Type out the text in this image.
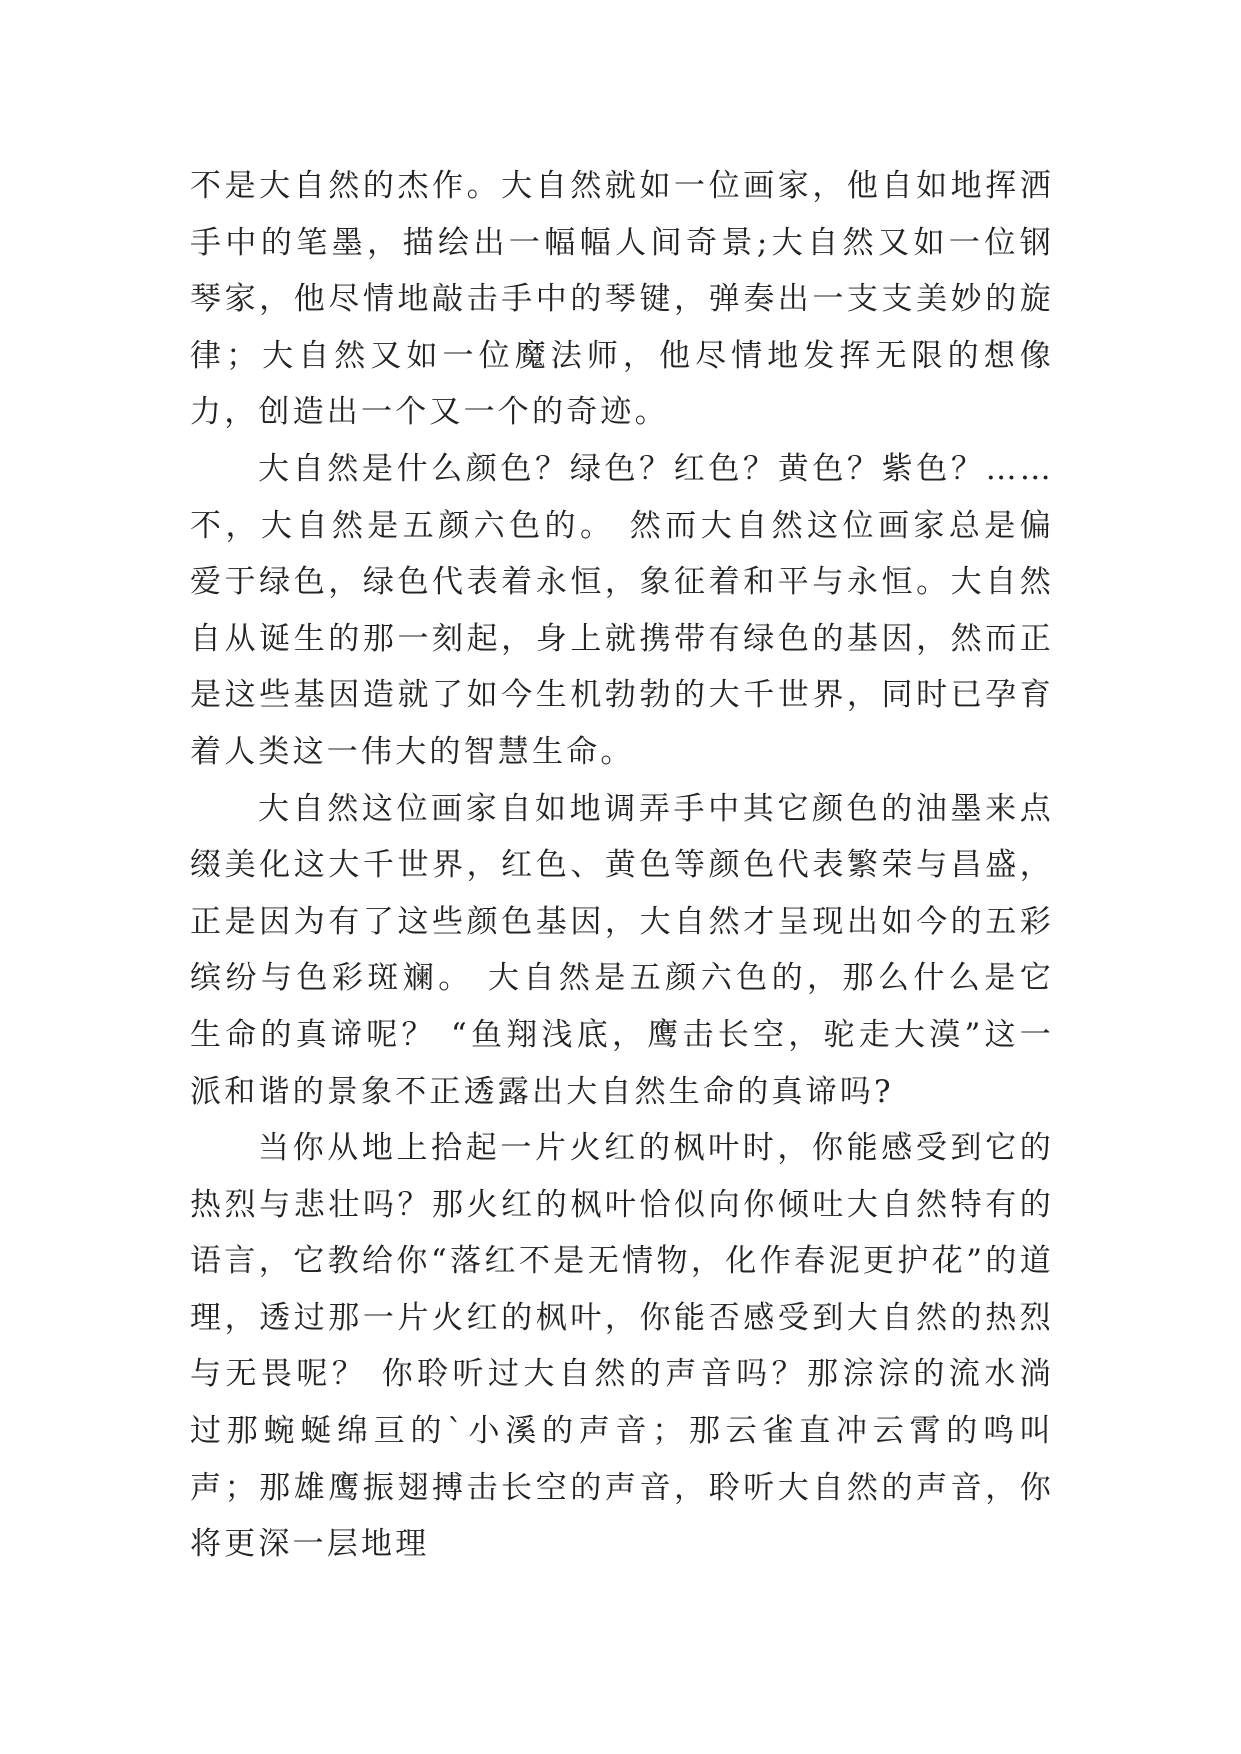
不是大自然的杰作。大自然就如一位画家，他自如地挥洒手中的笔墨，描绘出一幅幅人间奇景;大自然又如一位钢琴家，他尽情地敲击手中的琴键，弹奏出一支支美妙的旋律；大自然又如一位魔法师，他尽情地发挥无限的想像力，创造出一个又一个的奇迹。

大自然是什么颜色？绿色？红色？黄色？紫色？……不，大自然是五颜六色的。 然而大自然这位画家总是偏爱于绿色，绿色代表着永恒，象征着和平与永恒。大自然自从诞生的那一刻起，身上就携带有绿色的基因，然而正是这些基因造就了如今生机勃勃的大千世界，同时已孕育着人类这一伟大的智慧生命。

大自然这位画家自如地调弄手中其它颜色的油墨来点缀美化这大千世界，红色、黄色等颜色代表繁荣与昌盛，正是因为有了这些颜色基因，大自然才呈现出如今的五彩缤纷与色彩斑斓。 大自然是五颜六色的，那么什么是它生命的真谛呢？ “鱼翔浅底，鹰击长空，驼走大漠”这一派和谐的景象不正透露出大自然生命的真谛吗?

当你从地上拾起一片火红的枫叶时，你能感受到它的热烈与悲壮吗？那火红的枫叶恰似向你倾吐大自然特有的语言，它教给你“落红不是无情物，化作春泥更护花”的道理，透过那一片火红的枫叶，你能否感受到大自然的热烈与无畏呢？ 你聆听过大自然的声音吗？那淙淙的流水淌过那蜿蜒绵亘的`小溪的声音；那云雀直冲云霄的鸣叫声；那雄鹰振翅搏击长空的声音，聆听大自然的声音，你将更深一层地理
